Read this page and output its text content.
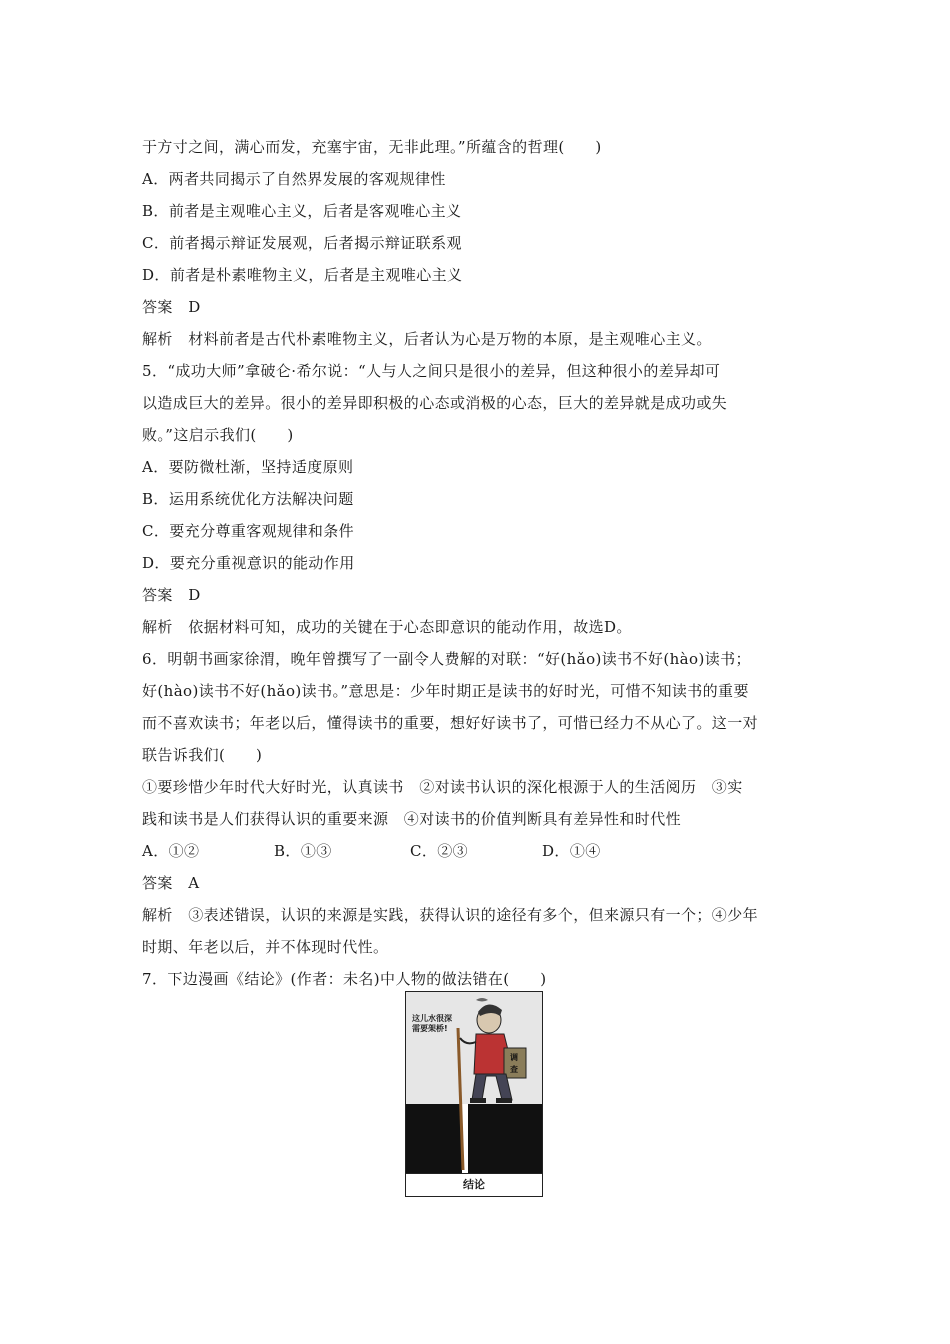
于方寸之间，满心而发，充塞宇宙，无非此理。”所蕴含的哲理(　　)
A．两者共同揭示了自然界发展的客观规律性
B．前者是主观唯心主义，后者是客观唯心主义
C．前者揭示辩证发展观，后者揭示辩证联系观
D．前者是朴素唯物主义，后者是主观唯心主义
答案　D
解析　材料前者是古代朴素唯物主义，后者认为心是万物的本原，是主观唯心主义。
5．“成功大师”拿破仑·希尔说：“人与人之间只是很小的差异，但这种很小的差异却可
以造成巨大的差异。很小的差异即积极的心态或消极的心态，巨大的差异就是成功或失
败。”这启示我们(　　)
A．要防微杜渐，坚持适度原则
B．运用系统优化方法解决问题
C．要充分尊重客观规律和条件
D．要充分重视意识的能动作用
答案　D
解析　依据材料可知，成功的关键在于心态即意识的能动作用，故选D。
6．明朝书画家徐渭，晚年曾撰写了一副令人费解的对联：“好(hǎo)读书不好(hào)读书；
好(hào)读书不好(hǎo)读书。”意思是：少年时期正是读书的好时光，可惜不知读书的重要
而不喜欢读书；年老以后，懂得读书的重要，想好好读书了，可惜已经力不从心了。这一对
联告诉我们(　　)
①要珍惜少年时代大好时光，认真读书　②对读书认识的深化根源于人的生活阅历　③实
践和读书是人们获得认识的重要来源　④对读书的价值判断具有差异性和时代性
A．①②	B．①③	C．②③	D．①④
答案　A
解析　③表述错误，认识的来源是实践，获得认识的途径有多个，但来源只有一个；④少年
时期、年老以后，并不体现时代性。
7．下边漫画《结论》(作者：未名)中人物的做法错在(　　)
这儿水很深
需要架桥!
调
查
结论
